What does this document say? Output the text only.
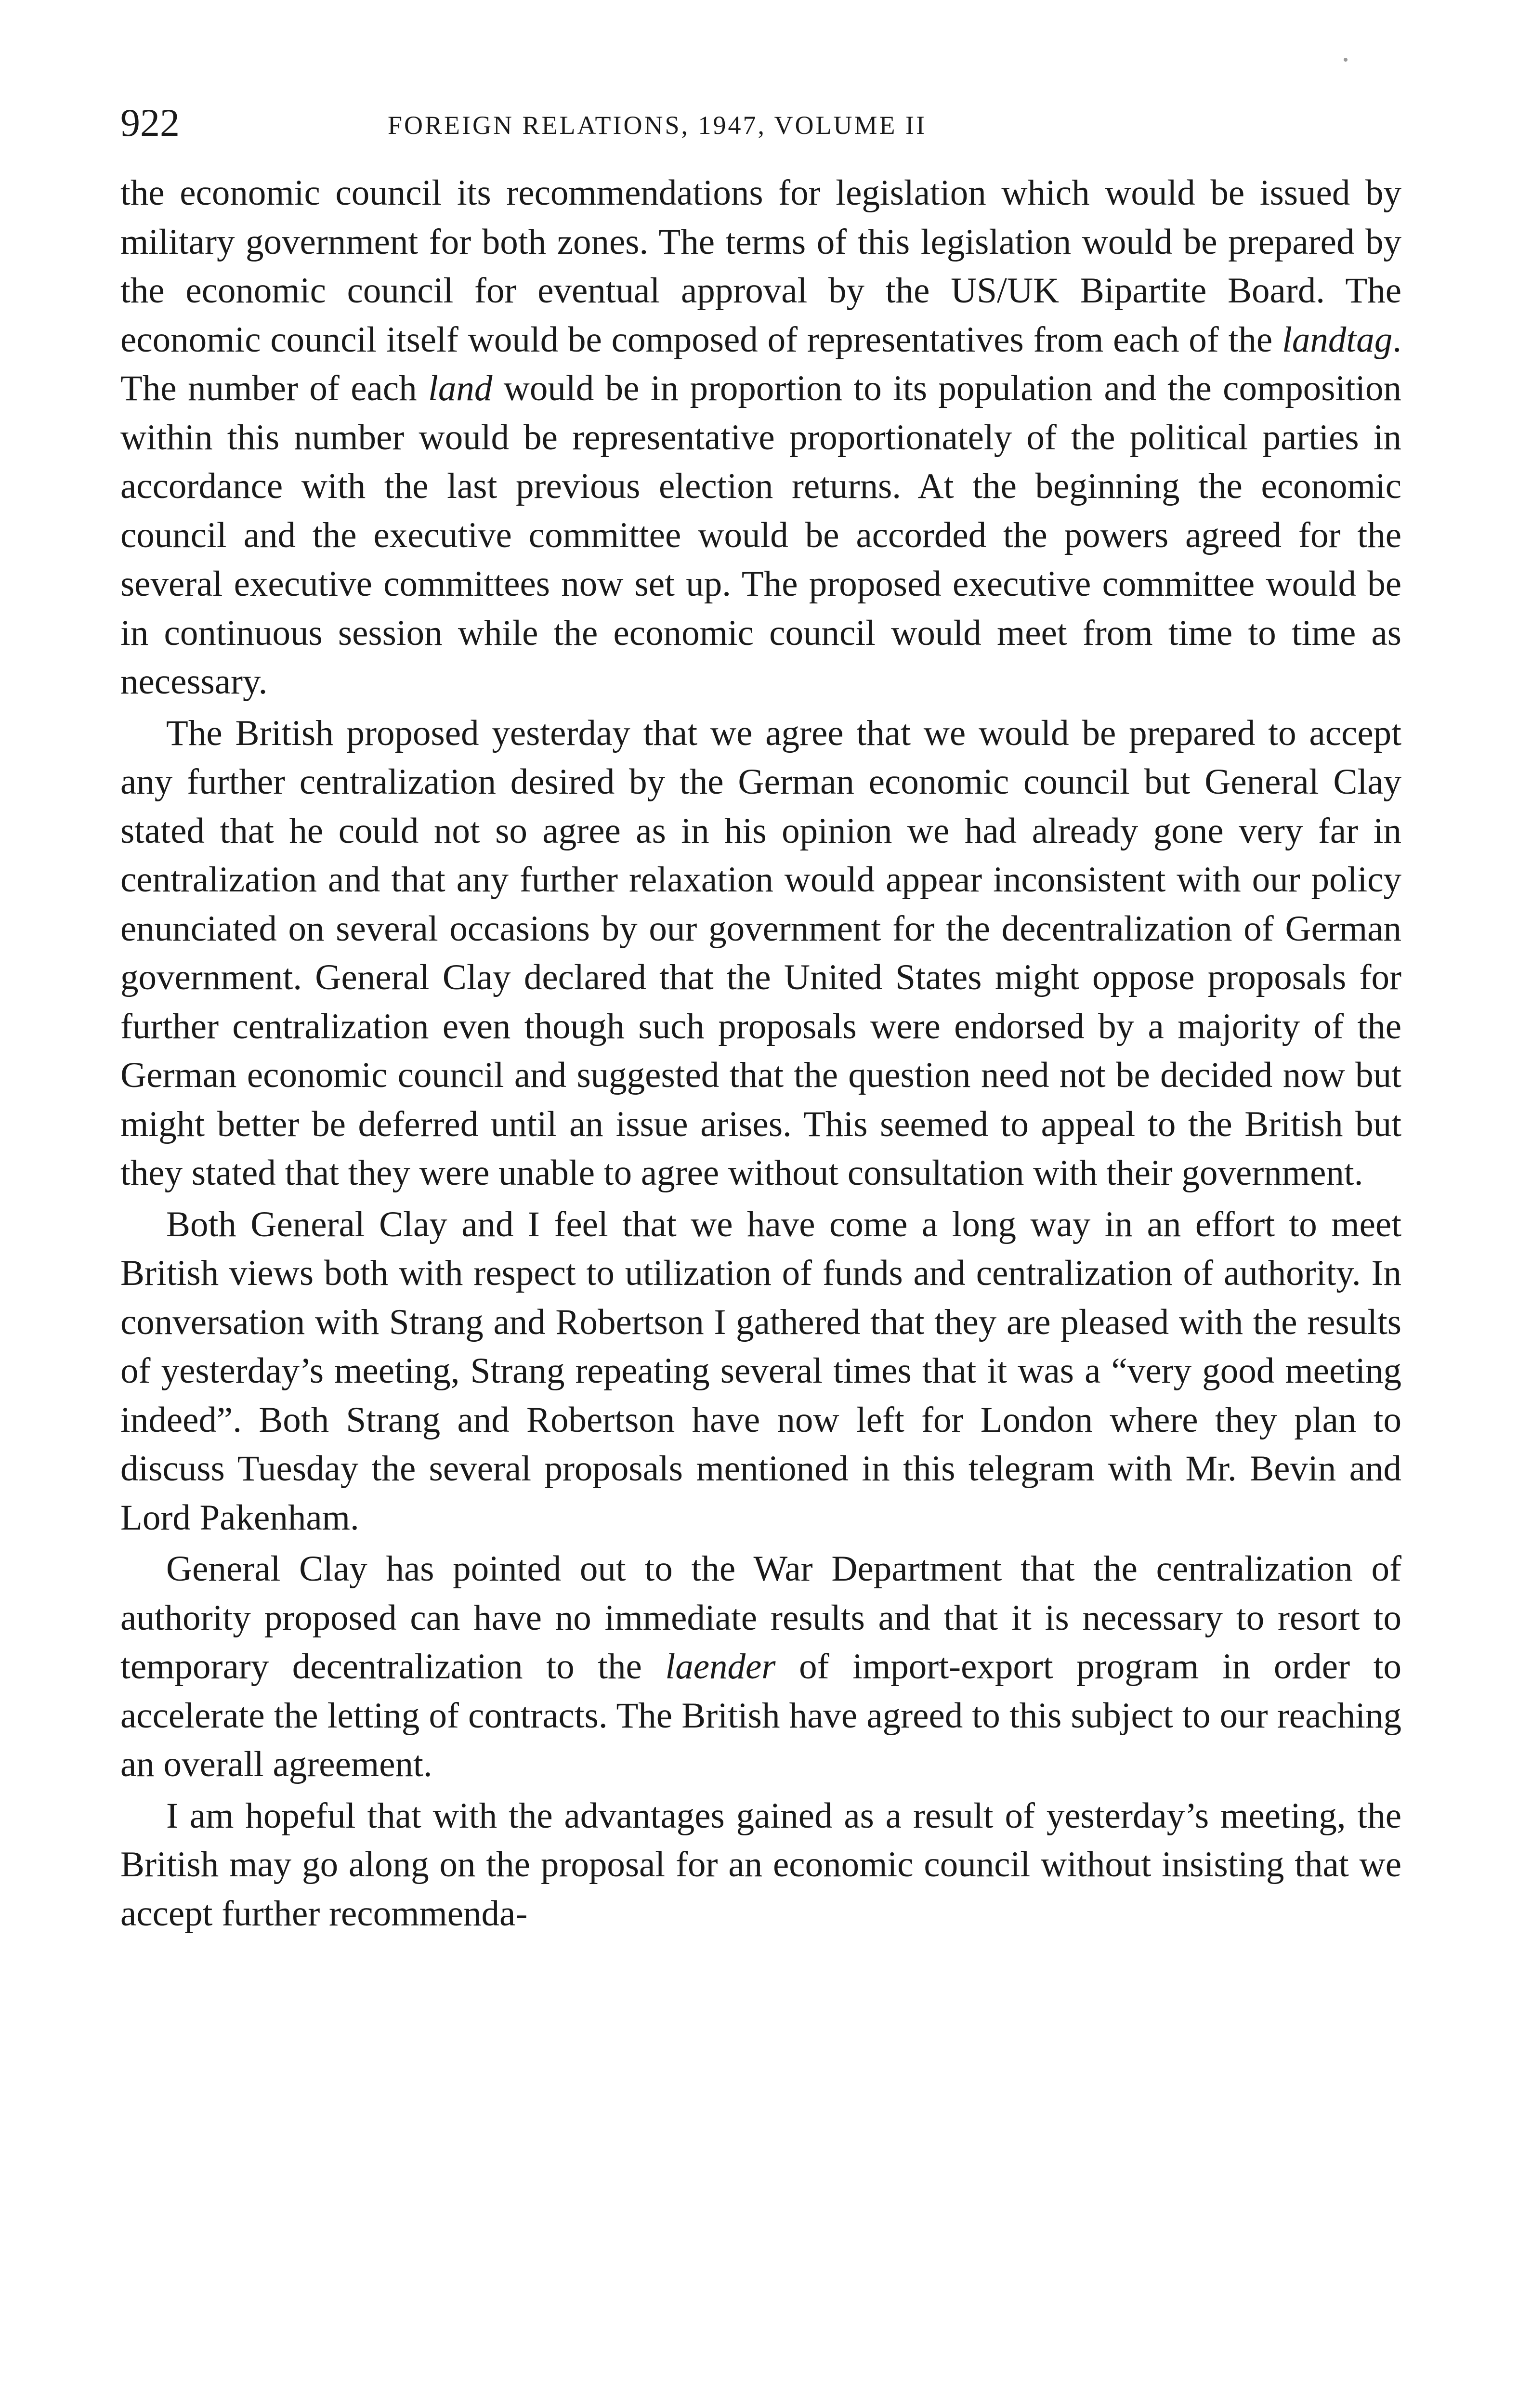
922	FOREIGN RELATIONS, 1947, VOLUME II

the economic council its recommendations for legislation which would be issued by military government for both zones. The terms of this legislation would be prepared by the economic council for eventual approval by the US/UK Bipartite Board. The economic council itself would be composed of representatives from each of the landtag. The number of each land would be in proportion to its population and the composition within this number would be representative proportionately of the political parties in accordance with the last previous election returns. At the beginning the economic council and the executive committee would be accorded the powers agreed for the several executive committees now set up. The proposed executive committee would be in continuous session while the economic council would meet from time to time as necessary.

The British proposed yesterday that we agree that we would be prepared to accept any further centralization desired by the German economic council but General Clay stated that he could not so agree as in his opinion we had already gone very far in centralization and that any further relaxation would appear inconsistent with our policy enunciated on several occasions by our government for the decentralization of German government. General Clay declared that the United States might oppose proposals for further centralization even though such proposals were endorsed by a majority of the German economic council and suggested that the question need not be decided now but might better be deferred until an issue arises. This seemed to appeal to the British but they stated that they were unable to agree without consultation with their government.

Both General Clay and I feel that we have come a long way in an effort to meet British views both with respect to utilization of funds and centralization of authority. In conversation with Strang and Robertson I gathered that they are pleased with the results of yesterday’s meeting, Strang repeating several times that it was a “very good meeting indeed”. Both Strang and Robertson have now left for London where they plan to discuss Tuesday the several proposals mentioned in this telegram with Mr. Bevin and Lord Pakenham.

General Clay has pointed out to the War Department that the centralization of authority proposed can have no immediate results and that it is necessary to resort to temporary decentralization to the laender of import-export program in order to accelerate the letting of contracts. The British have agreed to this subject to our reaching an overall agreement.

I am hopeful that with the advantages gained as a result of yesterday’s meeting, the British may go along on the proposal for an economic council without insisting that we accept further recommenda-
